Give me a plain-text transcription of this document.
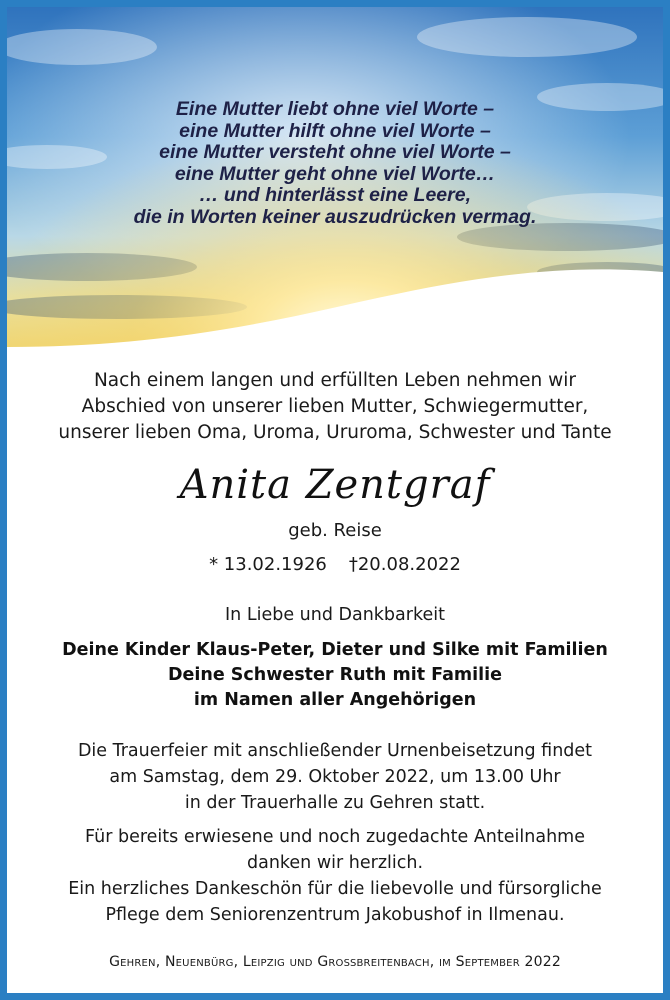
Eine Mutter liebt ohne viel Worte –
eine Mutter hilft ohne viel Worte –
eine Mutter versteht ohne viel Worte –
eine Mutter geht ohne viel Worte…
… und hinterlässt eine Leere,
die in Worten keiner auszudrücken vermag.
Nach einem langen und erfüllten Leben nehmen wir
Abschied von unserer lieben Mutter, Schwiegermutter,
unserer lieben Oma, Uroma, Ururoma, Schwester und Tante
Anita Zentgraf
geb. Reise
* 13.02.1926 †20.08.2022
In Liebe und Dankbarkeit
Deine Kinder Klaus-Peter, Dieter und Silke mit Familien
Deine Schwester Ruth mit Familie
im Namen aller Angehörigen
Die Trauerfeier mit anschließender Urnenbeisetzung findet
am Samstag, dem 29. Oktober 2022, um 13.00 Uhr
in der Trauerhalle zu Gehren statt.
Für bereits erwiesene und noch zugedachte Anteilnahme
danken wir herzlich.
Ein herzliches Dankeschön für die liebevolle und fürsorgliche
Pflege dem Seniorenzentrum Jakobushof in Ilmenau.
Gehren, Neuenbürg, Leipzig und Großbreitenbach, im September 2022
